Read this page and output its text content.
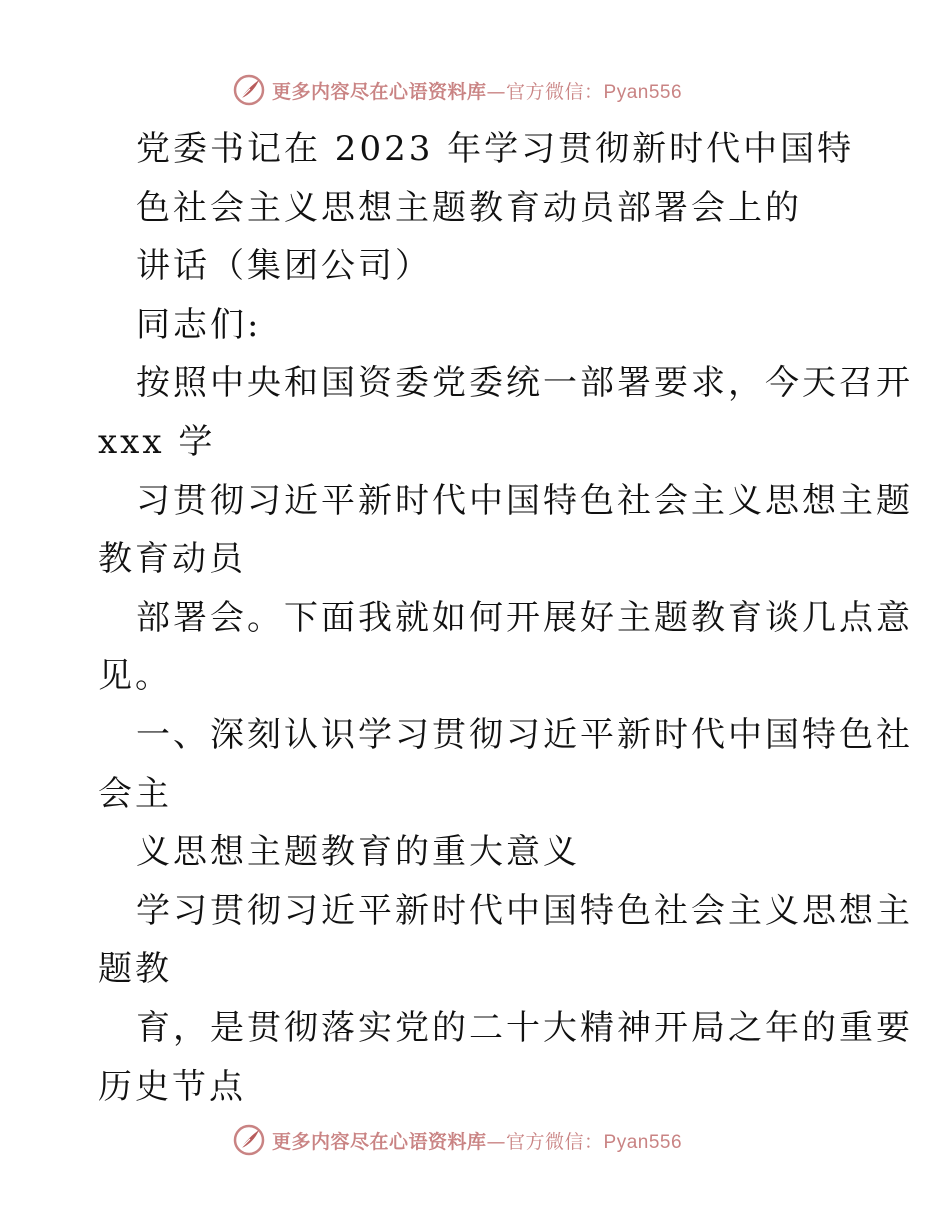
更多内容尽在心语资料库—官方微信：Pyan556
党委书记在 2023 年学习贯彻新时代中国特
色社会主义思想主题教育动员部署会上的
讲话（集团公司）
同志们:
按照中央和国资委党委统一部署要求，今天召开
xxx 学
习贯彻习近平新时代中国特色社会主义思想主题
教育动员
部署会。下面我就如何开展好主题教育谈几点意
见。
一、深刻认识学习贯彻习近平新时代中国特色社
会主
义思想主题教育的重大意义
学习贯彻习近平新时代中国特色社会主义思想主
题教
育，是贯彻落实党的二十大精神开局之年的重要
历史节点
更多内容尽在心语资料库—官方微信：Pyan556
